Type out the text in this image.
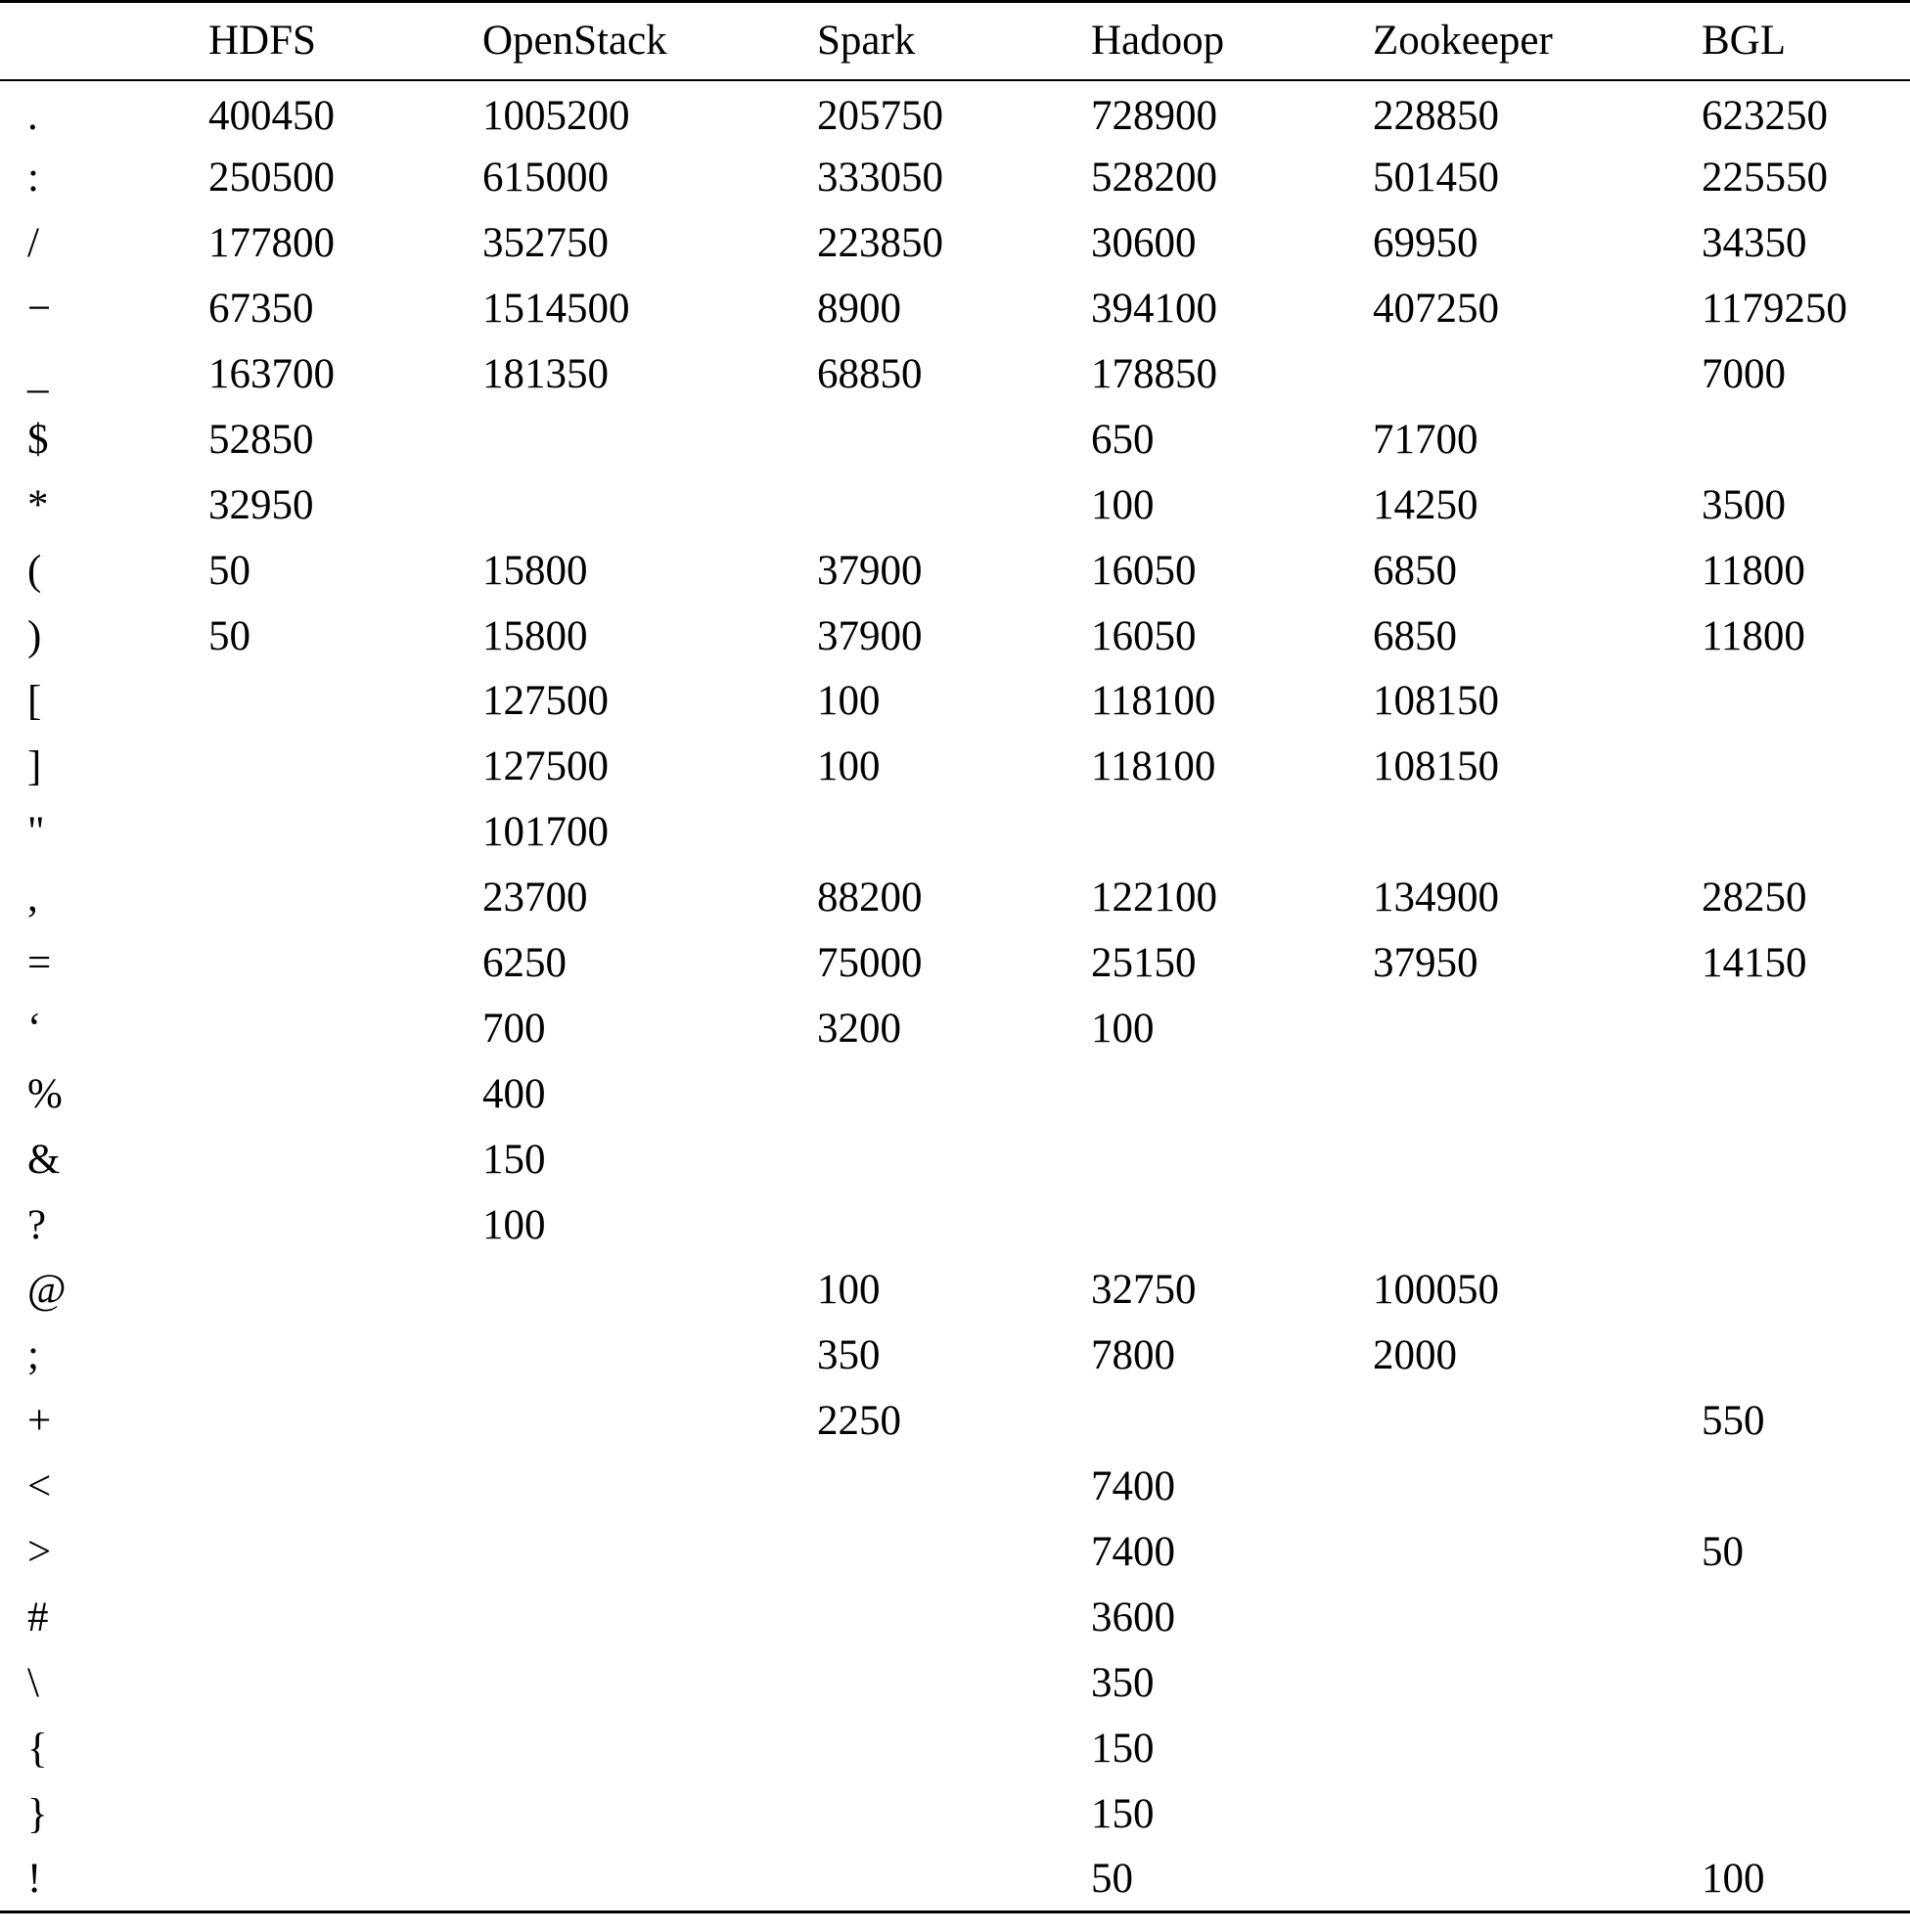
	HDFS	OpenStack	Spark	Hadoop	Zookeeper	BGL
.	400450	1005200	205750	728900	228850	623250
:	250500	615000	333050	528200	501450	225550
/	177800	352750	223850	30600	69950	34350
−	67350	1514500	8900	394100	407250	1179250
_	163700	181350	68850	178850		7000
$	52850			650	71700	
*	32950			100	14250	3500
(	50	15800	37900	16050	6850	11800
)	50	15800	37900	16050	6850	11800
[		127500	100	118100	108150	
]		127500	100	118100	108150	
"		101700				
,		23700	88200	122100	134900	28250
=		6250	75000	25150	37950	14150
‘		700	3200	100		
%		400				
&		150				
?		100				
@			100	32750	100050	
;			350	7800	2000	
+			2250			550
<				7400		
>				7400		50
#				3600		
\				350		
{				150		
}				150		
!				50		100
